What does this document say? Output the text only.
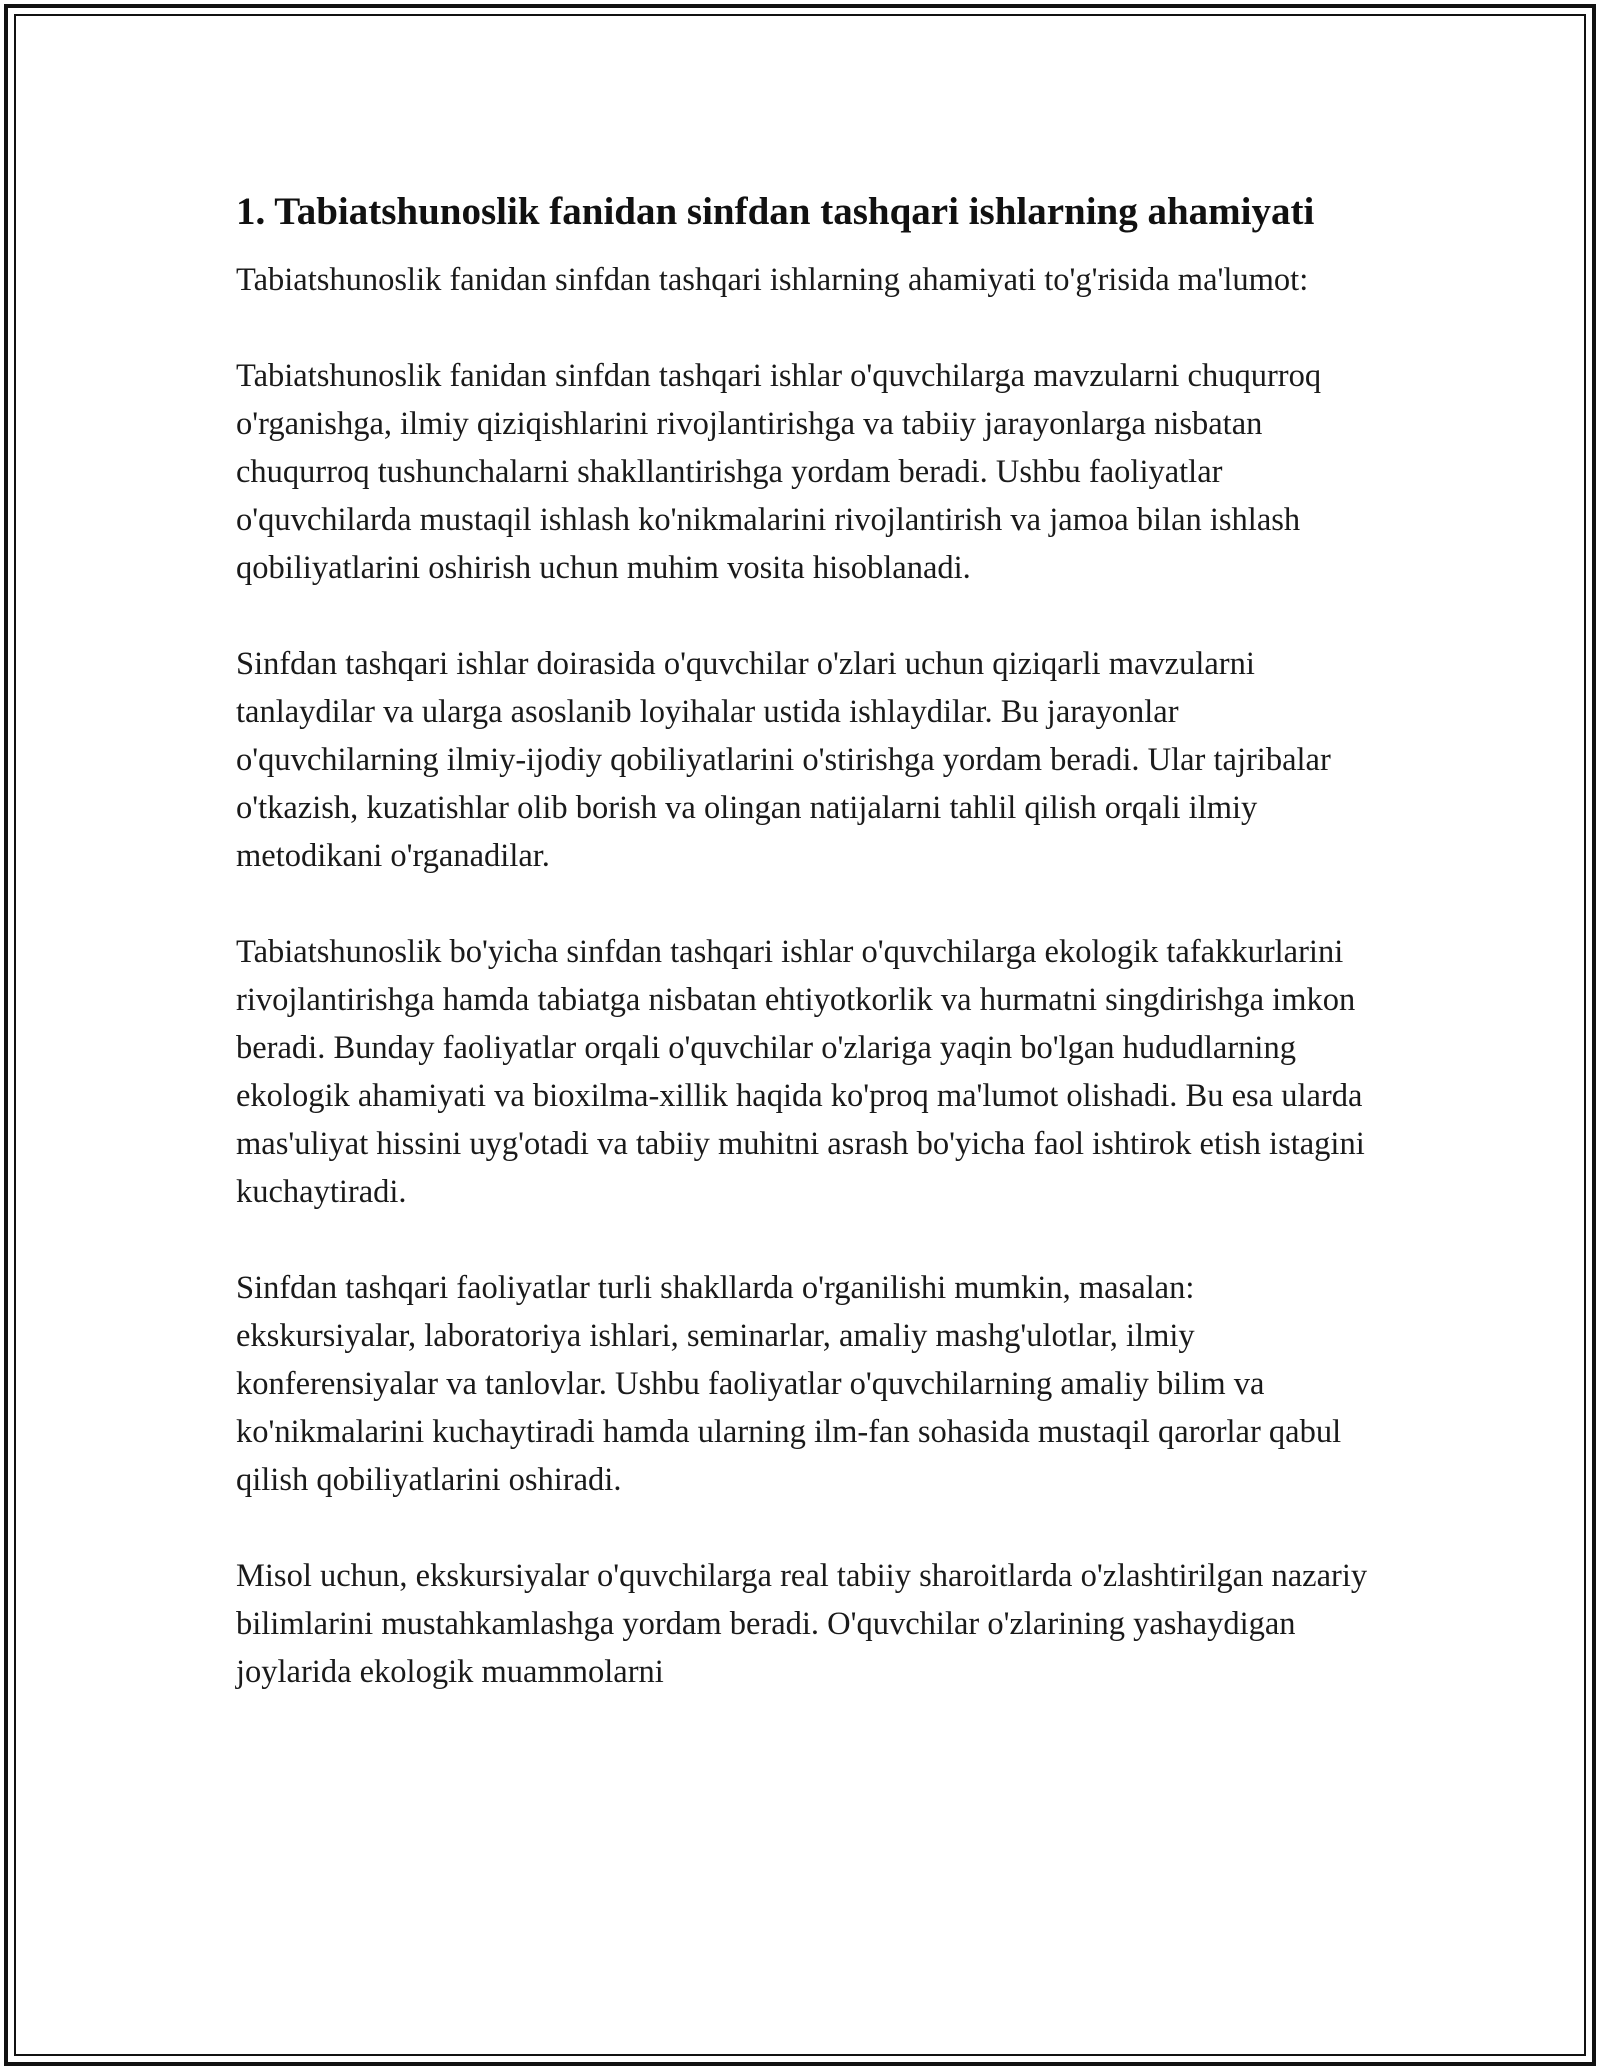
1. Tabiatshunoslik fanidan sinfdan tashqari ishlarning ahamiyati

Tabiatshunoslik fanidan sinfdan tashqari ishlarning ahamiyati to'g'risida ma'lumot:

Tabiatshunoslik fanidan sinfdan tashqari ishlar o'quvchilarga mavzularni chuqurroq o'rganishga, ilmiy qiziqishlarini rivojlantirishga va tabiiy jarayonlarga nisbatan chuqurroq tushunchalarni shakllantirishga yordam beradi. Ushbu faoliyatlar o'quvchilarda mustaqil ishlash ko'nikmalarini rivojlantirish va jamoa bilan ishlash qobiliyatlarini oshirish uchun muhim vosita hisoblanadi.

Sinfdan tashqari ishlar doirasida o'quvchilar o'zlari uchun qiziqarli mavzularni tanlaydilar va ularga asoslanib loyihalar ustida ishlaydilar. Bu jarayonlar o'quvchilarning ilmiy-ijodiy qobiliyatlarini o'stirishga yordam beradi. Ular tajribalar o'tkazish, kuzatishlar olib borish va olingan natijalarni tahlil qilish orqali ilmiy metodikani o'rganadilar.

Tabiatshunoslik bo'yicha sinfdan tashqari ishlar o'quvchilarga ekologik tafakkurlarini rivojlantirishga hamda tabiatga nisbatan ehtiyotkorlik va hurmatni singdirishga imkon beradi. Bunday faoliyatlar orqali o'quvchilar o'zlariga yaqin bo'lgan hududlarning ekologik ahamiyati va bioxilma-xillik haqida ko'proq ma'lumot olishadi. Bu esa ularda mas'uliyat hissini uyg'otadi va tabiiy muhitni asrash bo'yicha faol ishtirok etish istagini kuchaytiradi.

Sinfdan tashqari faoliyatlar turli shakllarda o'rganilishi mumkin, masalan: ekskursiyalar, laboratoriya ishlari, seminarlar, amaliy mashg'ulotlar, ilmiy konferensiyalar va tanlovlar. Ushbu faoliyatlar o'quvchilarning amaliy bilim va ko'nikmalarini kuchaytiradi hamda ularning ilm-fan sohasida mustaqil qarorlar qabul qilish qobiliyatlarini oshiradi.

Misol uchun, ekskursiyalar o'quvchilarga real tabiiy sharoitlarda o'zlashtirilgan nazariy bilimlarini mustahkamlashga yordam beradi. O'quvchilar o'zlarining yashaydigan joylarida ekologik muammolarni
